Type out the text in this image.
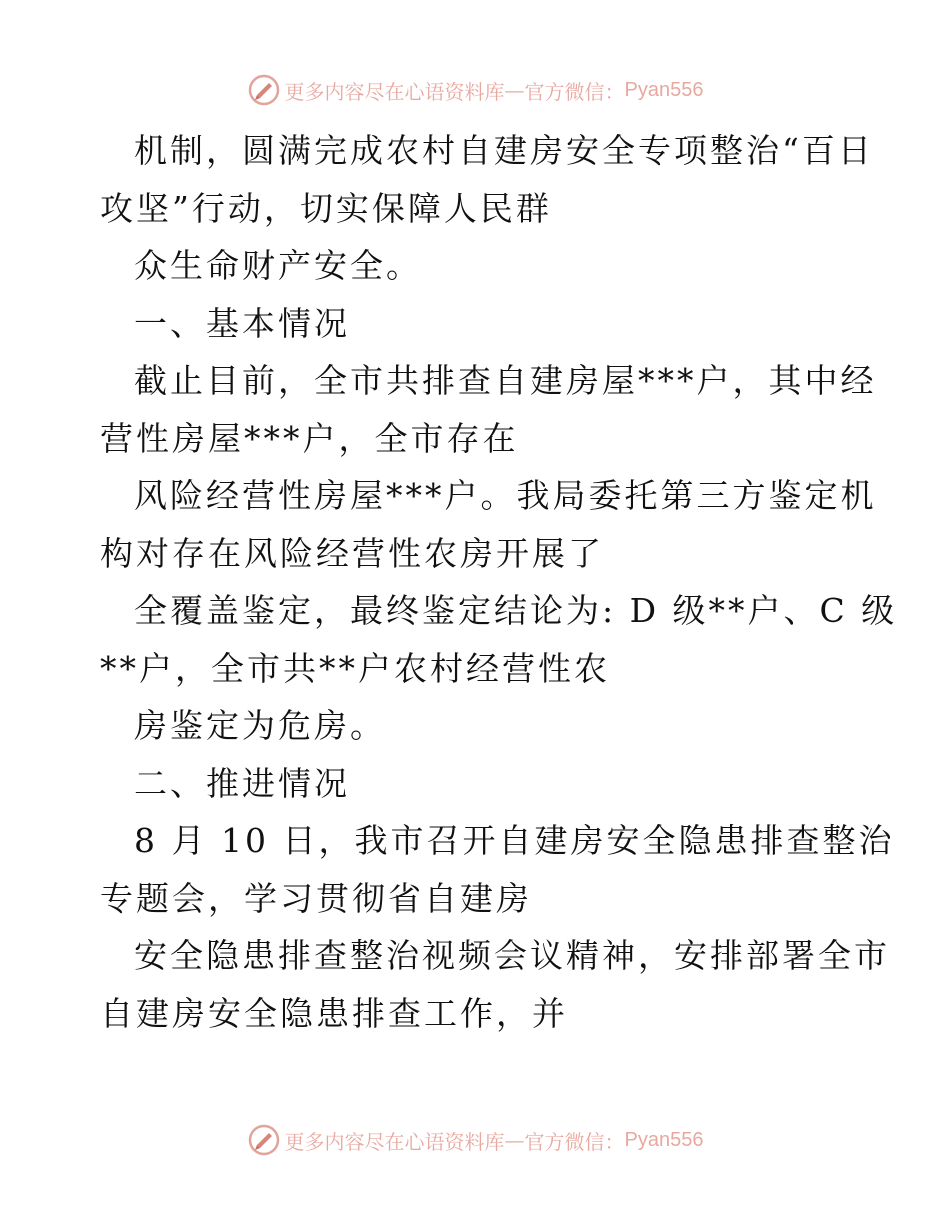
更多内容尽在心语资料库 — 官方微信： Pyan556
机制，圆满完成农村自建房安全专项整治“百日
攻坚”行动，切实保障人民群
众生命财产安全。
一、基本情况
截止目前，全市共排查自建房屋***户，其中经
营性房屋***户，全市存在
风险经营性房屋***户。我局委托第三方鉴定机
构对存在风险经营性农房开展了
全覆盖鉴定，最终鉴定结论为: D 级**户、C 级
**户，全市共**户农村经营性农
房鉴定为危房。
二、推进情况
8 月 10 日，我市召开自建房安全隐患排查整治
专题会，学习贯彻省自建房
安全隐患排查整治视频会议精神，安排部署全市
自建房安全隐患排查工作，并
更多内容尽在心语资料库 — 官方微信： Pyan556
